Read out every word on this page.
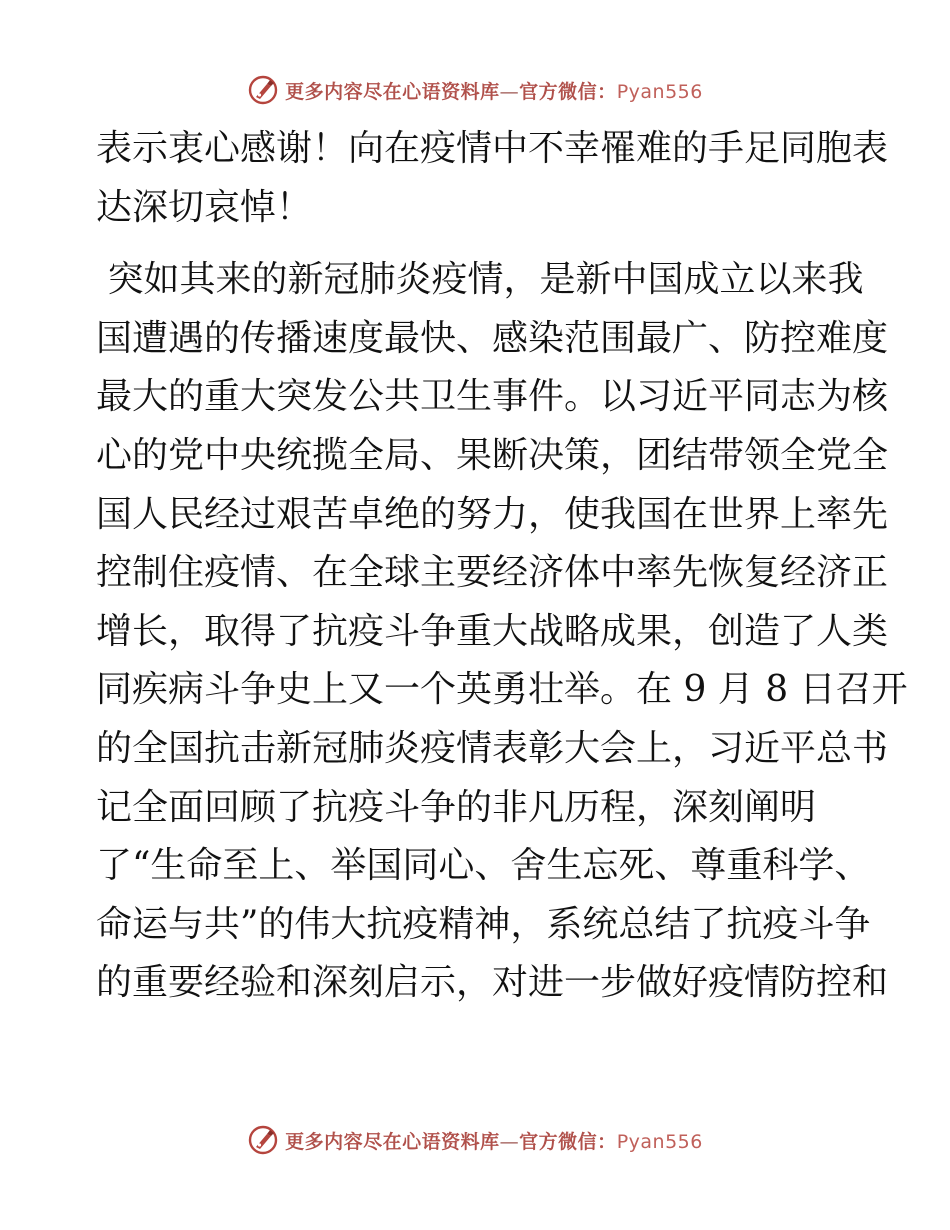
更多内容尽在心语资料库—官方微信：Pyan556

表示衷心感谢！向在疫情中不幸罹难的手足同胞表
达深切哀悼！

突如其来的新冠肺炎疫情，是新中国成立以来我
国遭遇的传播速度最快、感染范围最广、防控难度
最大的重大突发公共卫生事件。以习近平同志为核
心的党中央统揽全局、果断决策，团结带领全党全
国人民经过艰苦卓绝的努力，使我国在世界上率先
控制住疫情、在全球主要经济体中率先恢复经济正
增长，取得了抗疫斗争重大战略成果，创造了人类
同疾病斗争史上又一个英勇壮举。在 9 月 8 日召开
的全国抗击新冠肺炎疫情表彰大会上，习近平总书
记全面回顾了抗疫斗争的非凡历程，深刻阐明
了“生命至上、举国同心、舍生忘死、尊重科学、
命运与共”的伟大抗疫精神，系统总结了抗疫斗争
的重要经验和深刻启示，对进一步做好疫情防控和

更多内容尽在心语资料库—官方微信：Pyan556
